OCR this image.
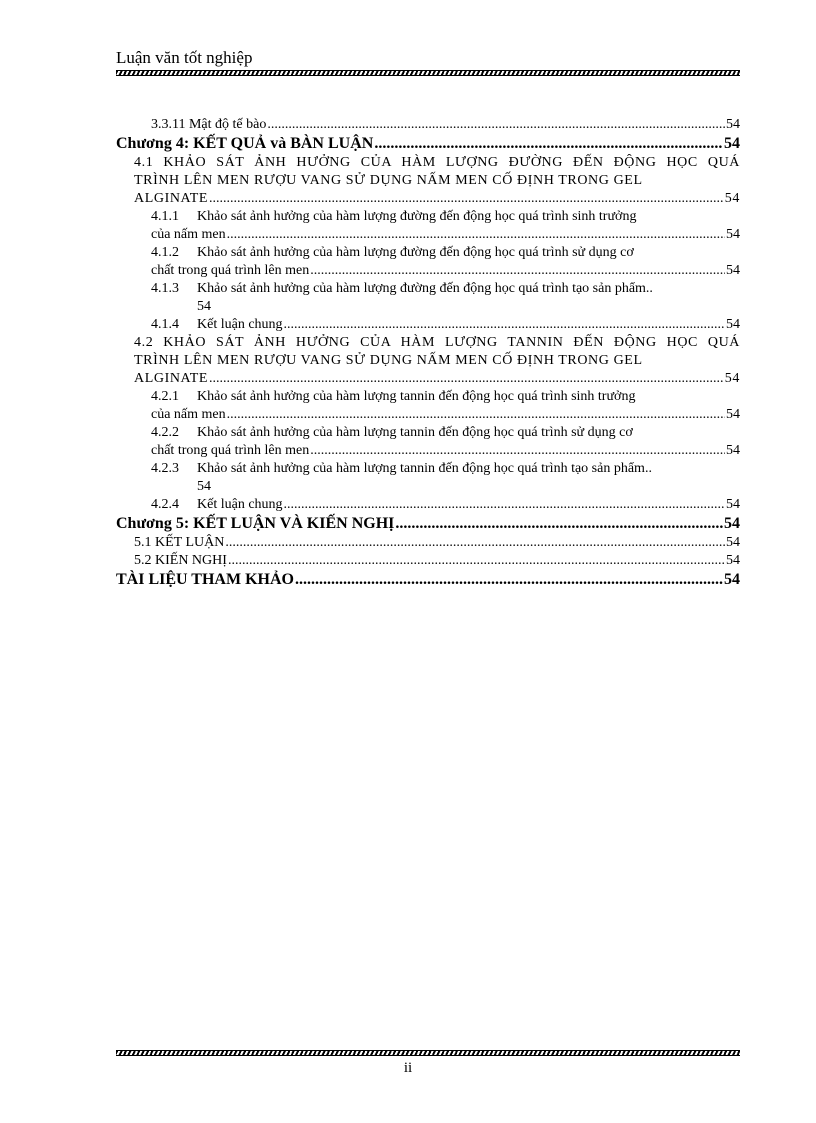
Luận văn tốt nghiệp
3.3.11 Mật độ tế bào .....	54
Chương 4: KẾT QUẢ và BÀN LUẬN .....	54
4.1 KHẢO SÁT ẢNH HƯỞNG CỦA HÀM LƯỢNG ĐƯỜNG ĐẾN ĐỘNG HỌC QUÁ
TRÌNH LÊN MEN RƯỢU VANG SỬ DỤNG NẤM MEN CỐ ĐỊNH TRONG GEL
ALGINATE .....	54
4.1.1 Khảo sát ảnh hưởng của hàm lượng đường đến động học quá trình sinh trưởng
của nấm men .....	54
4.1.2 Khảo sát ảnh hưởng của hàm lượng đường đến động học quá trình sử dụng cơ
chất trong quá trình lên men .....	54
4.1.3 Khảo sát ảnh hưởng của hàm lượng đường đến động học quá trình tạo sản phẩm..
54
4.1.4	Kết luận chung .....	54
4.2 KHẢO SÁT ẢNH HƯỞNG CỦA HÀM LƯỢNG TANNIN ĐẾN ĐỘNG HỌC QUÁ
TRÌNH LÊN MEN RƯỢU VANG SỬ DỤNG NẤM MEN CỐ ĐỊNH TRONG GEL
ALGINATE .....	54
4.2.1 Khảo sát ảnh hưởng của hàm lượng tannin đến động học quá trình sinh trưởng
của nấm men .....	54
4.2.2 Khảo sát ảnh hưởng của hàm lượng tannin đến động học quá trình sử dụng cơ
chất trong quá trình lên men .....	54
4.2.3 Khảo sát ảnh hưởng của hàm lượng tannin đến động học quá trình tạo sản phẩm..
54
4.2.4	Kết luận chung .....	54
Chương 5: KẾT LUẬN VÀ KIẾN NGHỊ .....	54
5.1 KẾT LUẬN .....	54
5.2 KIẾN NGHỊ .....	54
TÀI LIỆU THAM KHẢO .....	54
ii
